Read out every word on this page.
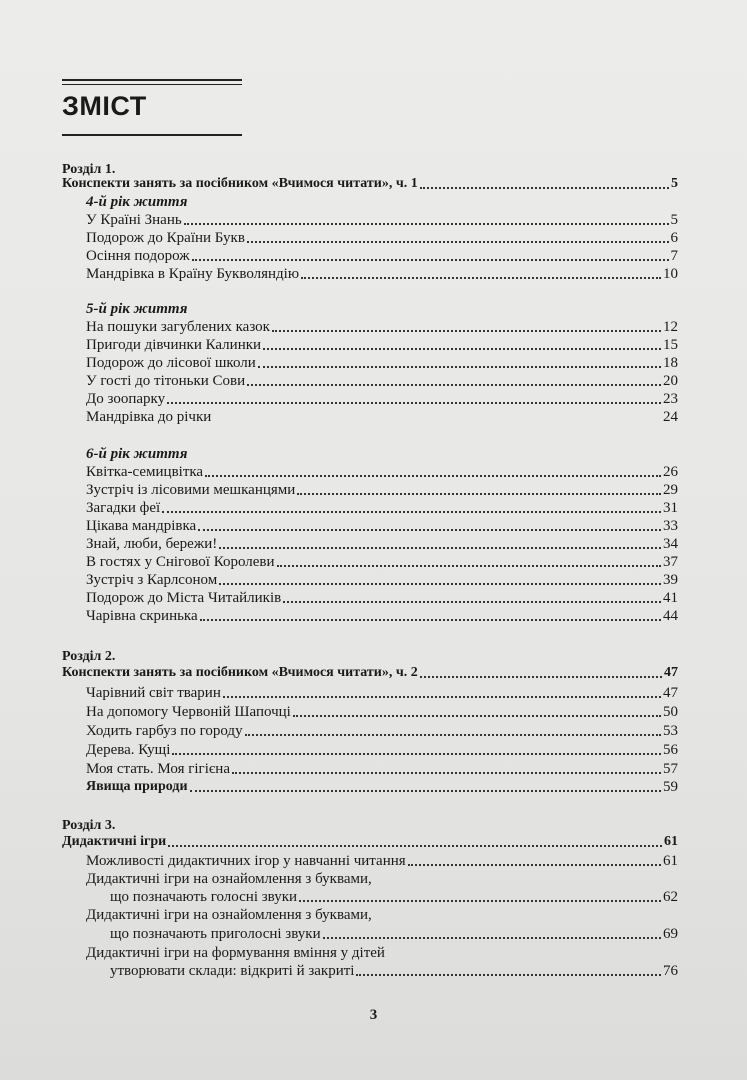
ЗМІСТ
Розділ 1.
Конспекти занять за посібником «Вчимося читати», ч. 1	5
4-й рік життя
У Країні Знань	5
Подорож до Країни Букв	6
Осіння подорож	7
Мандрівка в Країну Букволяндію	10
5-й рік життя
На пошуки загублених казок	12
Пригоди дівчинки Калинки	15
Подорож до лісової школи	18
У гості до тітоньки Сови	20
До зоопарку	23
Мандрівка до річки	24
6-й рік життя
Квітка-семицвітка	26
Зустріч із лісовими мешканцями	29
Загадки феї	31
Цікава мандрівка	33
Знай, люби, бережи!	34
В гостях у Снігової Королеви	37
Зустріч з Карлсоном	39
Подорож до Міста Читайликів	41
Чарівна скринька	44
Розділ 2.
Конспекти занять за посібником «Вчимося читати», ч. 2	47
Чарівний світ тварин	47
На допомогу Червоній Шапочці	50
Ходить гарбуз по городу	53
Дерева. Кущі	56
Моя стать. Моя гігієна	57
Явища природи	59
Розділ 3.
Дидактичні ігри	61
Можливості дидактичних ігор у навчанні читання	61
Дидактичні ігри на ознайомлення з буквами,
що позначають голосні звуки	62
Дидактичні ігри на ознайомлення з буквами,
що позначають приголосні звуки	69
Дидактичні ігри на формування вміння у дітей
утворювати склади: відкриті й закриті	76
3
